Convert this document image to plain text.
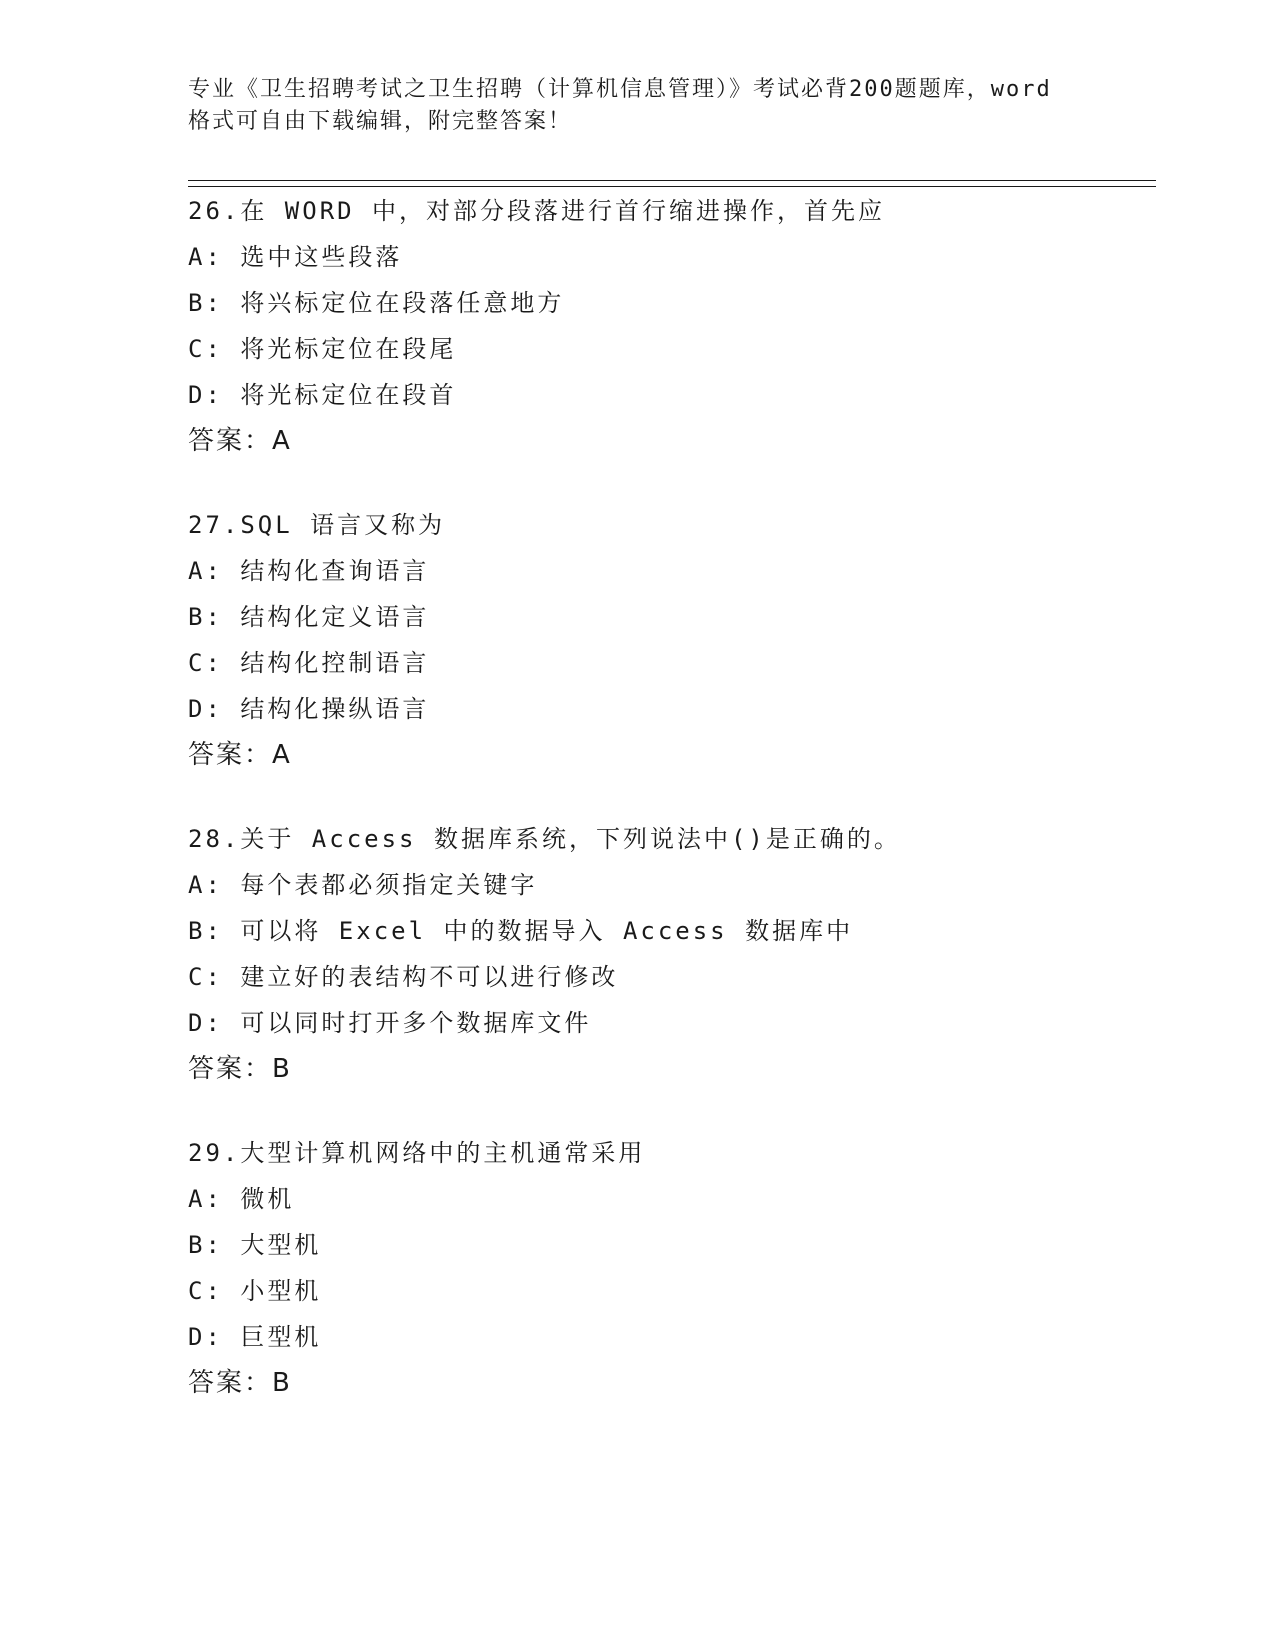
专业《卫生招聘考试之卫生招聘（计算机信息管理）》考试必背200题题库，word
格式可自由下载编辑，附完整答案！
26.在 WORD 中，对部分段落进行首行缩进操作，首先应
A: 选中这些段落
B: 将兴标定位在段落任意地方
C: 将光标定位在段尾
D: 将光标定位在段首
答案：A
27.SQL 语言又称为
A: 结构化查询语言
B: 结构化定义语言
C: 结构化控制语言
D: 结构化操纵语言
答案：A
28.关于 Access 数据库系统，下列说法中()是正确的。
A: 每个表都必须指定关键字
B: 可以将 Excel 中的数据导入 Access 数据库中
C: 建立好的表结构不可以进行修改
D: 可以同时打开多个数据库文件
答案：B
29.大型计算机网络中的主机通常采用
A: 微机
B: 大型机
C: 小型机
D: 巨型机
答案：B
